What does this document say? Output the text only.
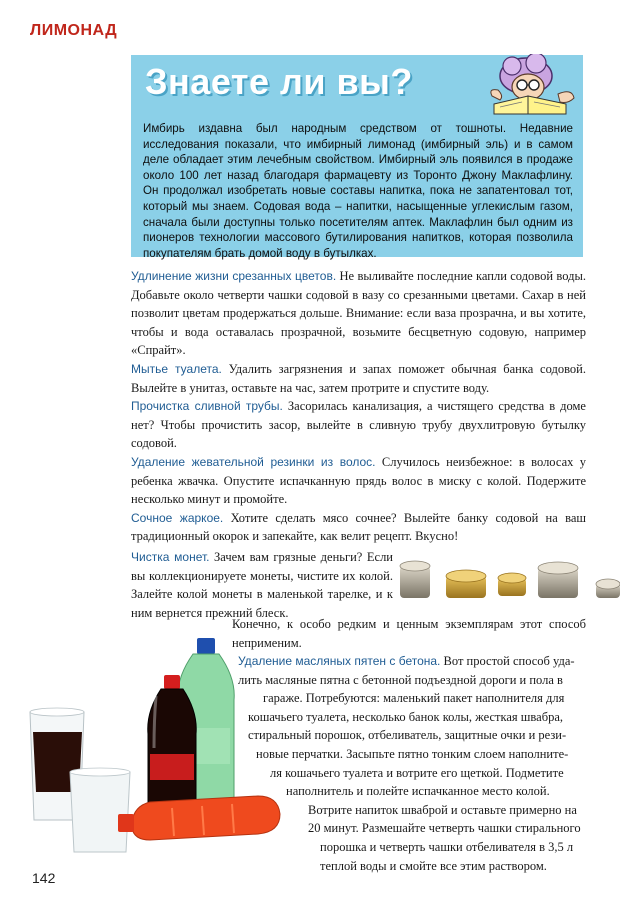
ЛИМОНАД
Знаете ли вы?
Имбирь издавна был народным средством от тошноты. Недавние исследования показали, что имбирный лимонад (имбирный эль) и в самом деле обладает этим лечебным свойством. Имбирный эль появился в продаже около 100 лет назад благодаря фармацевту из Торонто Джону Маклафлину. Он продолжал изобретать новые составы напитка, пока не запатентовал тот, который мы знаем. Содовая вода – напитки, насыщенные углекислым газом, сначала были доступны только посетителям аптек. Маклафлин был одним из пионеров технологии массового бутилирования напитков, которая позволила покупателям брать домой воду в бутылках.

Удлинение жизни срезанных цветов. Не выливайте последние капли содовой воды. Добавьте около четверти чашки содовой в вазу со срезанными цветами. Сахар в ней позволит цветам продержаться дольше. Внимание: если ваза прозрачна, и вы хотите, чтобы и вода оставалась прозрачной, возьмите бесцветную содовую, например «Спрайт».

Мытье туалета. Удалить загрязнения и запах поможет обычная банка содовой. Вылейте в унитаз, оставьте на час, затем протрите и спустите воду.

Прочистка сливной трубы. Засорилась канализация, а чистящего средства в доме нет? Чтобы прочистить засор, вылейте в сливную трубу двухлитровую бутылку содовой.

Удаление жевательной резинки из волос. Случилось неизбежное: в волосах у ребенка жвачка. Опустите испачканную прядь волос в миску с колой. Подержите несколько минут и промойте.

Сочное жаркое. Хотите сделать мясо сочнее? Вылейте банку содовой на ваш традиционный окорок и запекайте, как велит рецепт. Вкусно!

Чистка монет. Зачем вам грязные деньги? Если вы коллекционируете монеты, чистите их колой. Залейте колой монеты в маленькой тарелке, и к ним вернется прежний блеск.
Конечно, к особо редким и ценным экземплярам этот способ неприменим.
Удаление масляных пятен с бетона. Вот простой способ уда-
лить масляные пятна с бетонной подъездной дороги и пола в
гараже. Потребуются: маленький пакет наполнителя для
кошачьего туалета, несколько банок колы, жесткая швабра,
стиральный порошок, отбеливатель, защитные очки и рези-
новые перчатки. Засыпьте пятно тонким слоем наполните-
ля кошачьего туалета и вотрите его щеткой. Подметите
наполнитель и полейте испачканное место колой.
Вотрите напиток шваброй и оставьте примерно на
20 минут. Размешайте четверть чашки стирального
порошка и четверть чашки отбеливателя в 3,5 л
теплой воды и смойте все этим раствором.
142
